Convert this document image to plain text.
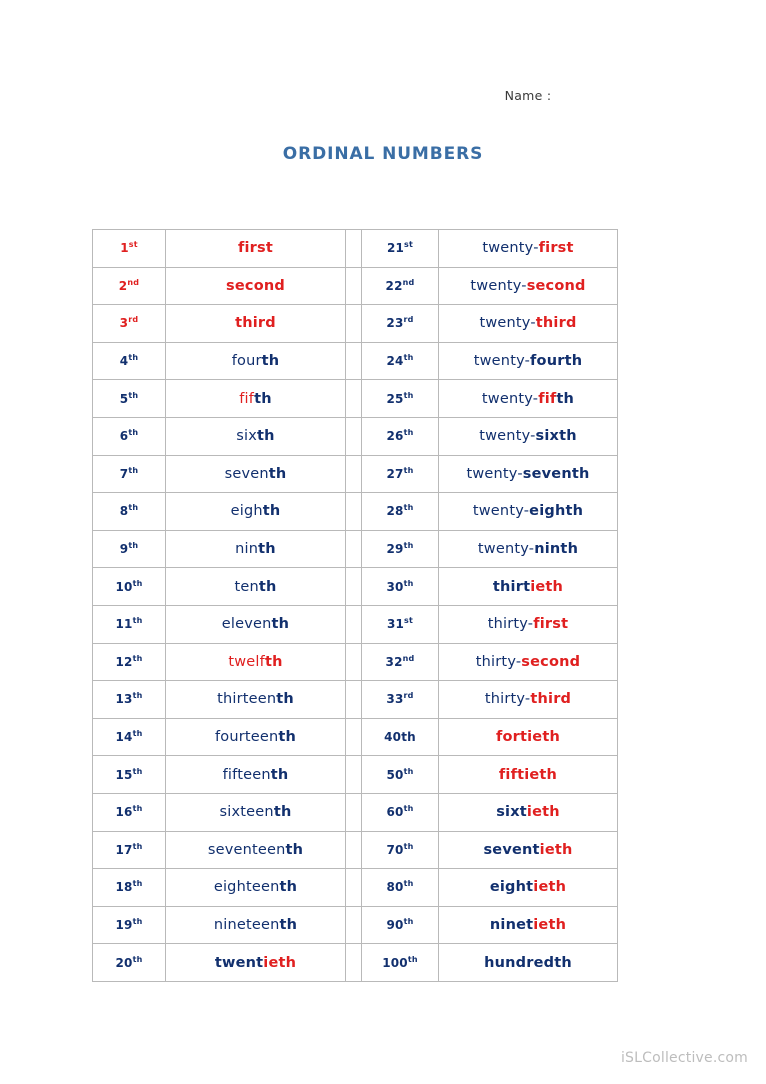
Name :
ORDINAL NUMBERS
1st	first		21st	twenty-first
2nd	second		22nd	twenty-second
3rd	third		23rd	twenty-third
4th	fourth		24th	twenty-fourth
5th	fifth		25th	twenty-fifth
6th	sixth		26th	twenty-sixth
7th	seventh		27th	twenty-seventh
8th	eighth		28th	twenty-eighth
9th	ninth		29th	twenty-ninth
10th	tenth		30th	thirtieth
11th	eleventh		31st	thirty-first
12th	twelfth		32nd	thirty-second
13th	thirteenth		33rd	thirty-third
14th	fourteenth		40th	fortieth
15th	fifteenth		50th	fiftieth
16th	sixteenth		60th	sixtieth
17th	seventeenth		70th	seventieth
18th	eighteenth		80th	eightieth
19th	nineteenth		90th	ninetieth
20th	twentieth		100th	hundredth
iSLCollective.com
